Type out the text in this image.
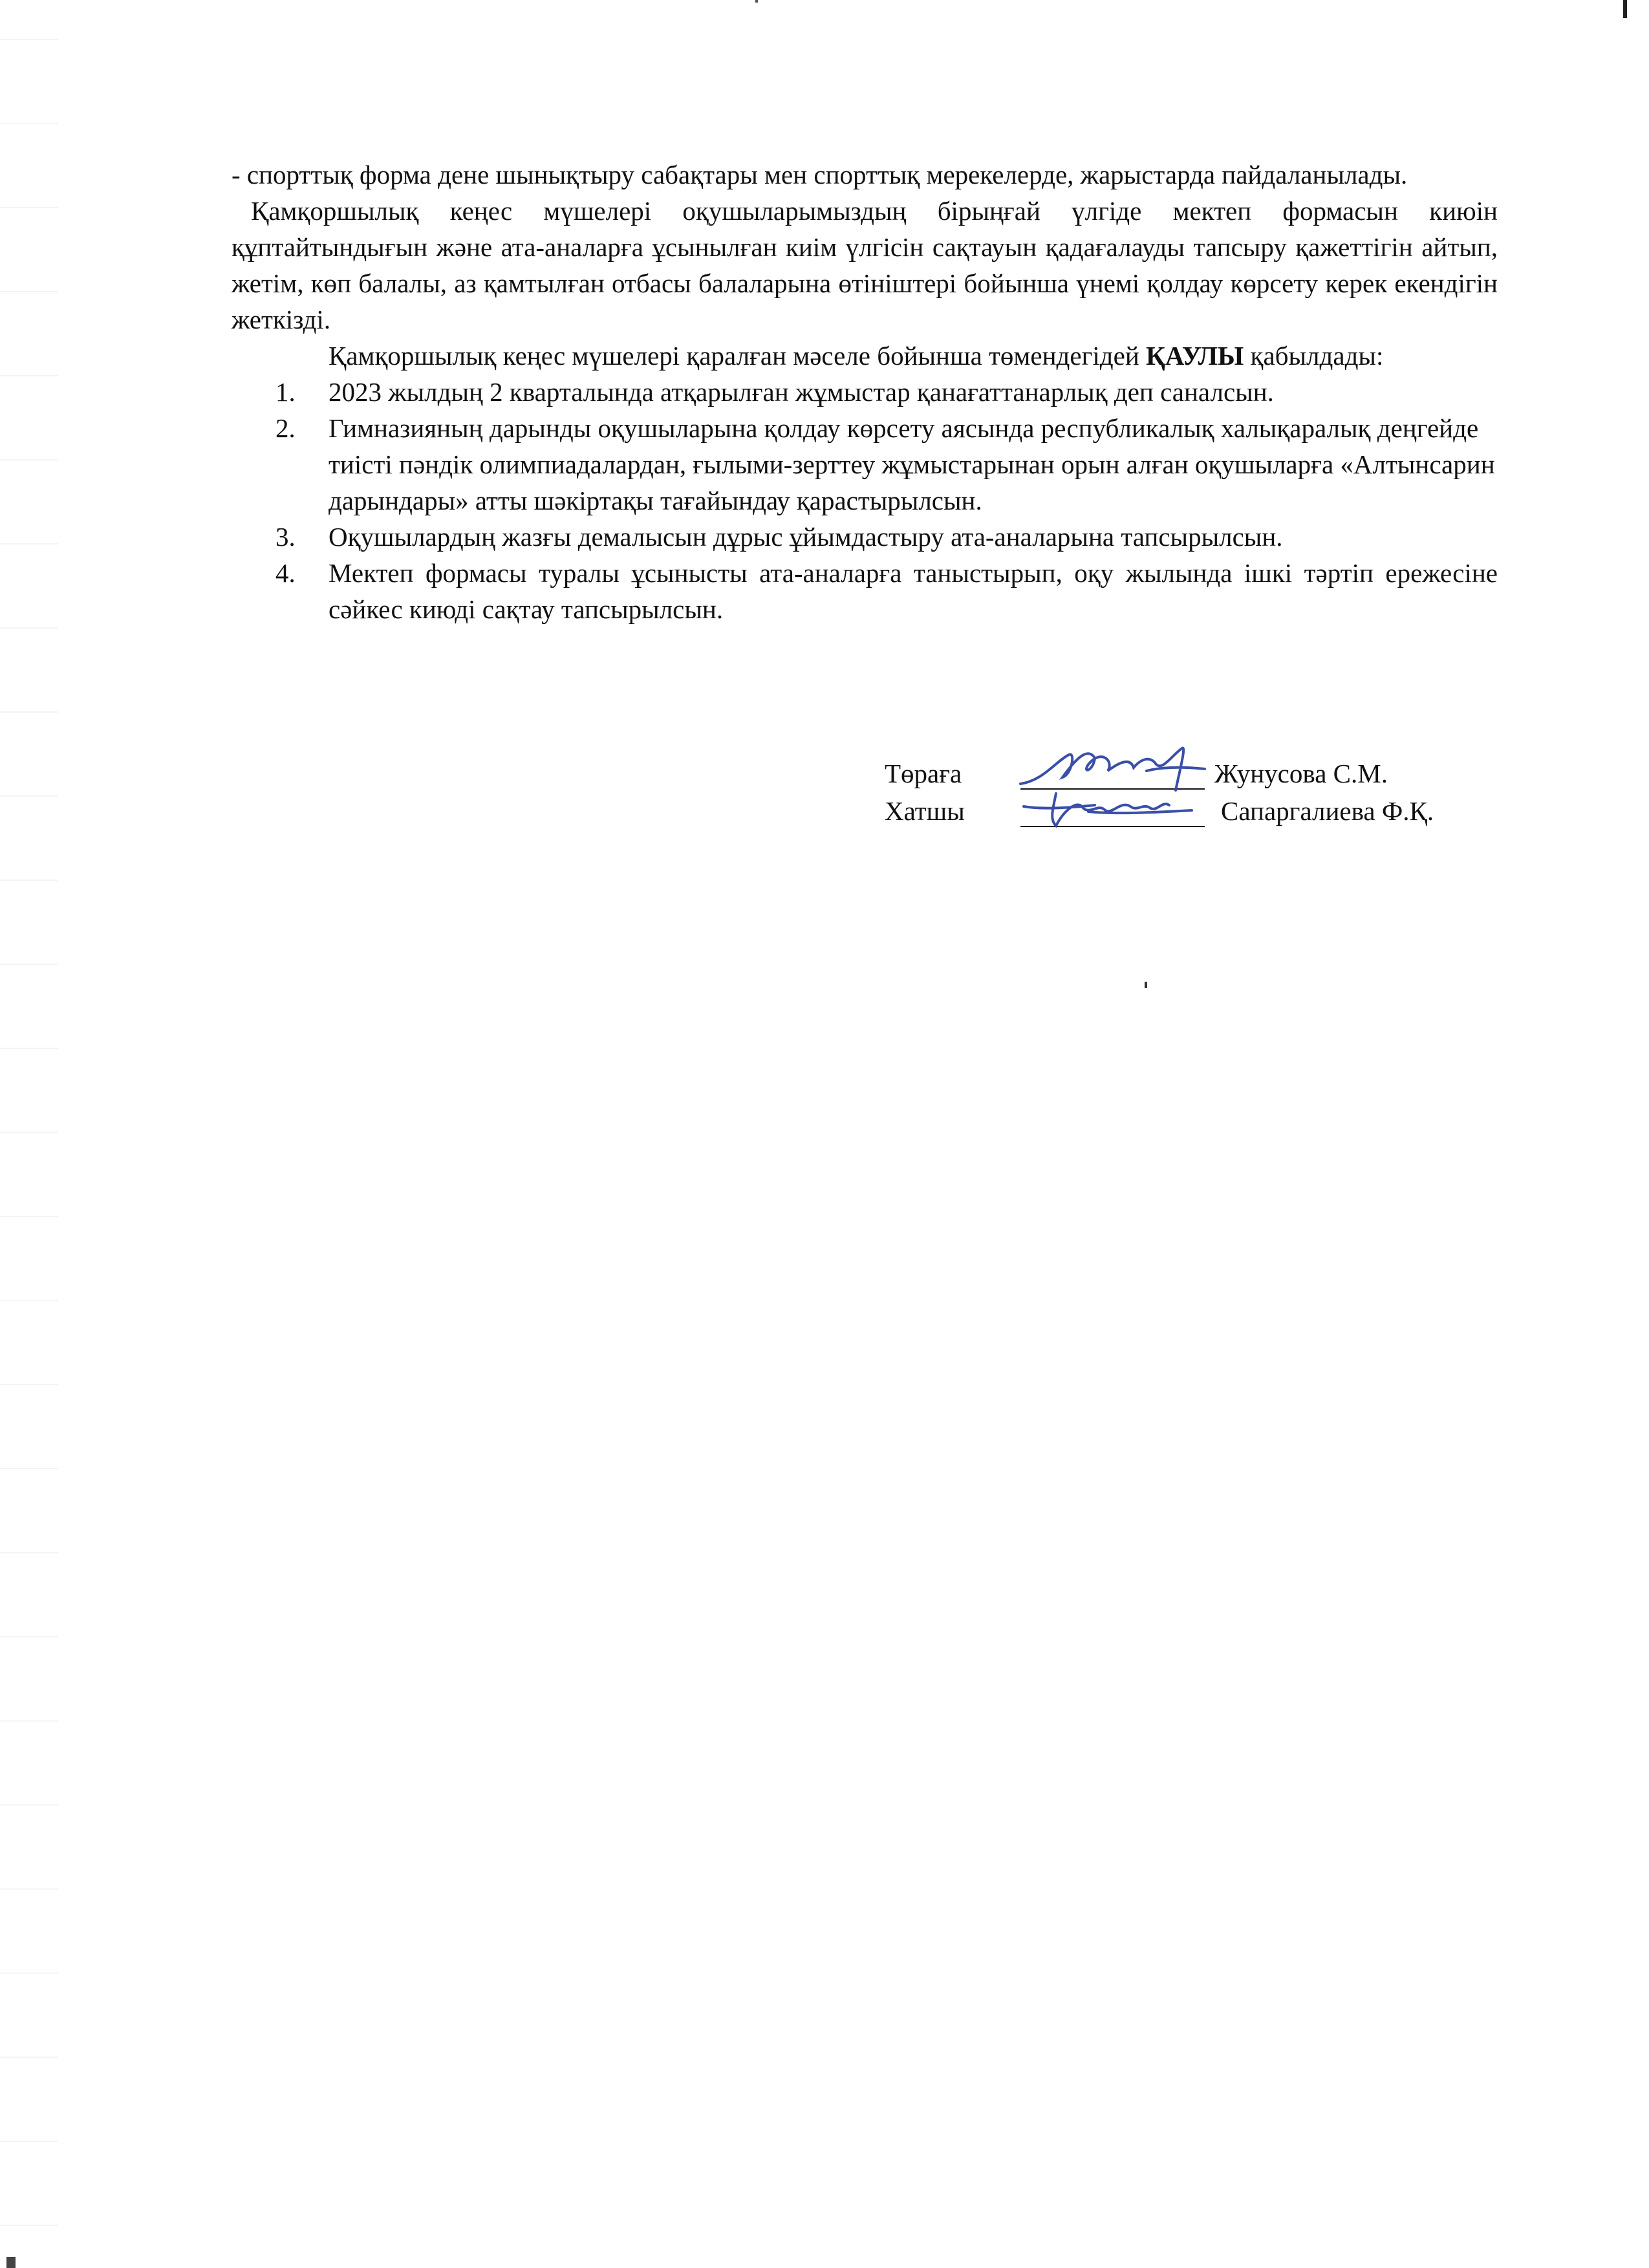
- спорттық форма дене шынықтыру сабақтары мен спорттық мерекелерде, жарыстарда пайдаланылады.

Қамқоршылық кеңес мүшелері оқушыларымыздың бірыңғай үлгіде мектеп формасын киюін құптайтындығын және ата-аналарға ұсынылған киім үлгісін сақтауын қадағалауды тапсыру қажеттігін айтып, жетім, көп балалы, аз қамтылған отбасы балаларына өтініштері бойынша үнемі қолдау көрсету керек екендігін жеткізді.

Қамқоршылық кеңес мүшелері қаралған мәселе бойынша төмендегідей ҚАУЛЫ қабылдады:

1. 2023 жылдың 2 кварталында атқарылған жұмыстар қанағаттанарлық деп саналсын.
2. Гимназияның дарынды оқушыларына қолдау көрсету аясында республикалық халықаралық деңгейде тиісті пәндік олимпиадалардан, ғылыми-зерттеу жұмыстарынан орын алған оқушыларға «Алтынсарин дарындары» атты шәкіртақы тағайындау қарастырылсын.
3. Оқушылардың жазғы демалысын дұрыс ұйымдастыру ата-аналарына тапсырылсын.
4. Мектеп формасы туралы ұсынысты ата-аналарға таныстырып, оқу жылында ішкі тәртіп ережесіне сәйкес киюді сақтау тапсырылсын.
Төраға	Жунусова С.М.
Хатшы	Сапаргалиева Ф.Қ.
